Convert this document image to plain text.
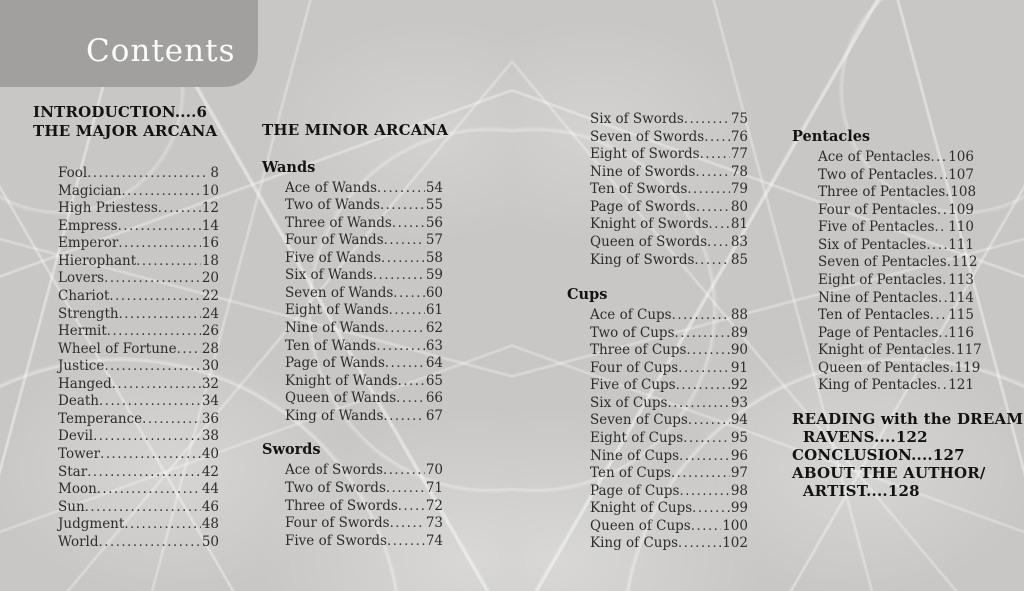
Contents
INTRODUCTION....6
THE MAJOR ARCANA
Fool .....	8
Magician .....	10
High Priestess .....	12
Empress .....	14
Emperor .....	16
Hierophant .....	18
Lovers .....	20
Chariot .....	22
Strength .....	24
Hermit .....	26
Wheel of Fortune ..... 28
Justice .....	30
Hanged .....	32
Death .....	34
Temperance .....	36
Devil .....	38
Tower .....	40
Star .....	42
Moon .....	44
Sun .....	46
Judgment .....	48
World .....	50
THE MINOR ARCANA
Wands
Ace of Wands .....	54
Two of Wands .....	55
Three of Wands .....	56
Four of Wands .....	57
Five of Wands .....	58
Six of Wands .....	59
Seven of Wands ..... 60
Eight of Wands .....	61
Nine of Wands .....	62
Ten of Wands .....	63
Page of Wands .....	64
Knight of Wands ..... 65
Queen of Wands ..... 66
King of Wands .....	67
Swords
Ace of Swords .....	70
Two of Swords .....	71
Three of Swords ..... 72
Four of Swords .....	73
Five of Swords .....	74
Six of Swords .....	75
Seven of Swords ..... 76
Eight of Swords ..... 77
Nine of Swords .....	78
Ten of Swords .....	79
Page of Swords .....	80
Knight of Swords ..... 81
Queen of Swords ..... 83
King of Swords .....	85
Cups
Ace of Cups .....	88
Two of Cups .....	89
Three of Cups .....	90
Four of Cups .....	91
Five of Cups .....	92
Six of Cups .....	93
Seven of Cups .....	94
Eight of Cups .....	95
Nine of Cups .....	96
Ten of Cups .....	97
Page of Cups .....	98
Knight of Cups .....	99
Queen of Cups ..... 100
King of Cups .....	102
Pentacles
Ace of Pentacles ..... 106
Two of Pentacles ..... 107
Three of Pentacles ..... 108
Four of Pentacles ..... 109
Five of Pentacles ..... 110
Six of Pentacles ..... 111
Seven of Pentacles ..... 112
Eight of Pentacles ..... 113
Nine of Pentacles ..... 114
Ten of Pentacles ..... 115
Page of Pentacles ..... 116
Knight of Pentacles ..... 117
Queen of Pentacles ..... 119
King of Pentacles ..... 121
READING with the DREAM
RAVENS....122
CONCLUSION....127
ABOUT THE AUTHOR/
ARTIST....128
